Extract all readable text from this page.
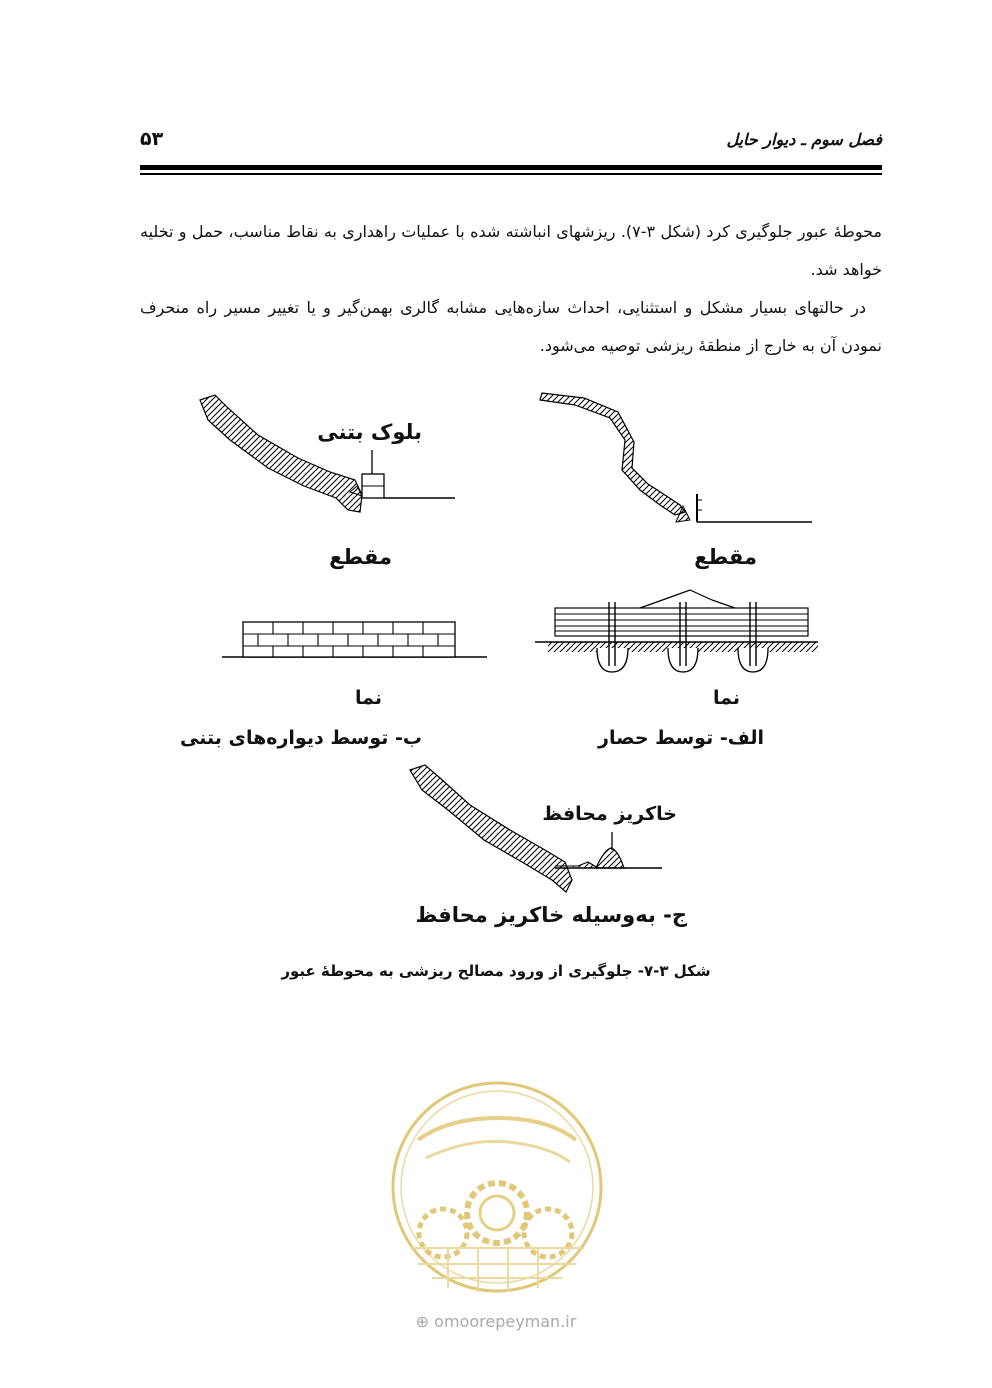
فصل سوم ـ دیوار حایل
۵۳

محوطهٔ عبور جلوگیری کرد (شکل ۳-۷). ریزشهای انباشته شده با عملیات راهداری به نقاط مناسب، حمل و تخلیه خواهد شد.

در حالتهای بسیار مشکل و استثنایی، احداث سازه‌هایی مشابه گالری بهمن‌گیر و یا تغییر مسیر راه منحرف نمودن آن به خارج از منطقهٔ ریزشی توصیه می‌شود.

بلوک بتنی
مقطع
مقطع
نما
نما
الف- توسط حصار
ب- توسط دیواره‌های بتنی
خاکریز محافظ
ج- به‌وسیله خاکریز محافظ
شکل ۳-۷- جلوگیری از ورود مصالح ریزشی به محوطهٔ عبور
⊕ omoorepeyman.ir
